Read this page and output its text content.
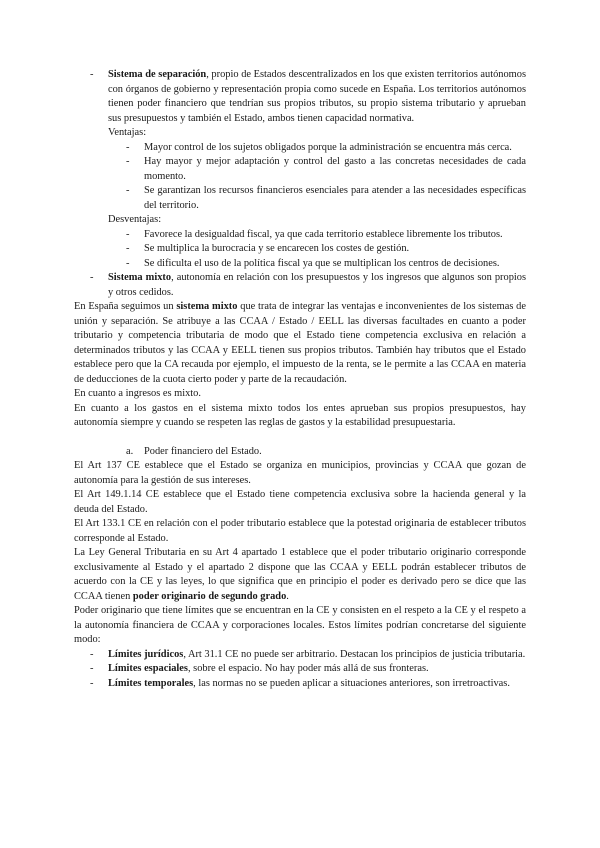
- Sistema de separación, propio de Estados descentralizados en los que existen territorios autónomos con órganos de gobierno y representación propia como sucede en España. Los territorios autónomos tienen poder financiero que tendrían sus propios tributos, su propio sistema tributario y aprueban sus presupuestos y también el Estado, ambos tienen capacidad normativa.
Ventajas:
- Mayor control de los sujetos obligados porque la administración se encuentra más cerca.
- Hay mayor y mejor adaptación y control del gasto a las concretas necesidades de cada momento.
- Se garantizan los recursos financieros esenciales para atender a las necesidades específicas del territorio.
Desventajas:
- Favorece la desigualdad fiscal, ya que cada territorio establece libremente los tributos.
- Se multiplica la burocracia y se encarecen los costes de gestión.
- Se dificulta el uso de la política fiscal ya que se multiplican los centros de decisiones.
- Sistema mixto, autonomía en relación con los presupuestos y los ingresos que algunos son propios y otros cedidos.

En España seguimos un sistema mixto que trata de integrar las ventajas e inconvenientes de los sistemas de unión y separación. Se atribuye a las CCAA / Estado / EELL las diversas facultades en cuanto a poder tributario y competencia tributaria de modo que el Estado tiene competencia exclusiva en relación a determinados tributos y las CCAA y EELL tienen sus propios tributos. También hay tributos que el Estado establece pero que la CA recauda por ejemplo, el impuesto de la renta, se le permite a las CCAA en materia de deducciones de la cuota cierto poder y parte de la recaudación.

En cuanto a ingresos es mixto.

En cuanto a los gastos en el sistema mixto todos los entes aprueban sus propios presupuestos, hay autonomía siempre y cuando se respeten las reglas de gastos y la estabilidad presupuestaria.

a. Poder financiero del Estado.

El Art 137 CE establece que el Estado se organiza en municipios, provincias y CCAA que gozan de autonomía para la gestión de sus intereses.

El Art 149.1.14 CE establece que el Estado tiene competencia exclusiva sobre la hacienda general y la deuda del Estado.

El Art 133.1 CE en relación con el poder tributario establece que la potestad originaria de establecer tributos corresponde al Estado.

La Ley General Tributaria en su Art 4 apartado 1 establece que el poder tributario originario corresponde exclusivamente al Estado y el apartado 2 dispone que las CCAA y EELL podrán establecer tributos de acuerdo con la CE y las leyes, lo que significa que en principio el poder es derivado pero se dice que las CCAA tienen poder originario de segundo grado.

Poder originario que tiene límites que se encuentran en la CE y consisten en el respeto a la CE y el respeto a la autonomía financiera de CCAA y corporaciones locales. Estos límites podrían concretarse del siguiente modo:

- Límites jurídicos, Art 31.1 CE no puede ser arbitrario. Destacan los principios de justicia tributaria.
- Límites espaciales, sobre el espacio. No hay poder más allá de sus fronteras.
- Límites temporales, las normas no se pueden aplicar a situaciones anteriores, son irretroactivas.
